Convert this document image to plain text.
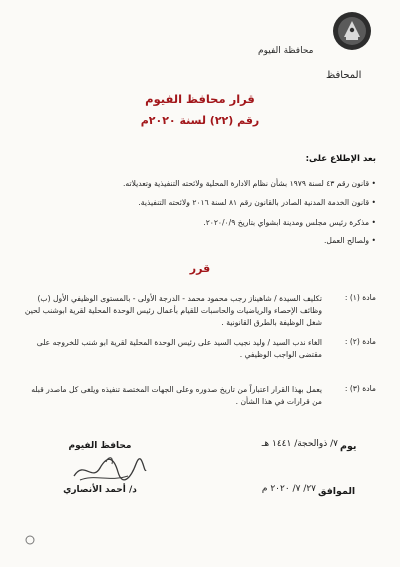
محافظة الفيوم
المحافظ
قرار محافظ الفيوم
رقم (٢٢) لسنة ٢٠٢٠م
بعد الإطلاع على:
• قانون رقم ٤٣ لسنة ١٩٧٩ بشأن نظام الادارة المحلية ولائحته التنفيذية وتعديلاته.
• قانون الخدمة المدنية الصادر بالقانون رقم ٨١ لسنة ٢٠١٦ ولائحته التنفيذية.
• مذكرة رئيس مجلس ومدينة ابشواي بتاريخ ٢٠٢٠/٠/٩.
• ولصالح العمل.
قرر
مادة (١) :
تكليف السيدة / شاهيناز رجب محمود محمد - الدرجة الأولى - بالمستوى الوظيفي الأول (ب) وظائف الإحصاء والرياضيات والحاسبات للقيام بأعمال رئيس الوحدة المحلية لقرية ابوشنب لحين شغل الوظيفة بالطرق القانونية .
مادة (٢) :
الغاء ندب السيد / وليد نجيب السيد على رئيس الوحدة المحلية لقرية ابو شنب للخروجه على مقتضى الواجب الوظيفي .
مادة (٣) :
يعمل بهذا القرار اعتباراً من تاريخ صدوره وعلى الجهات المختصة تنفيذه ويلغى كل ماصدر قبله من قرارات في هذا الشأن .
محافظ الفيوم
د/ أحمد الأنصاري
يوم
٧/ ذوالحجة/ ١٤٤١ هـ
الموافق
٢٧/ ٧/ ٢٠٢٠ م
